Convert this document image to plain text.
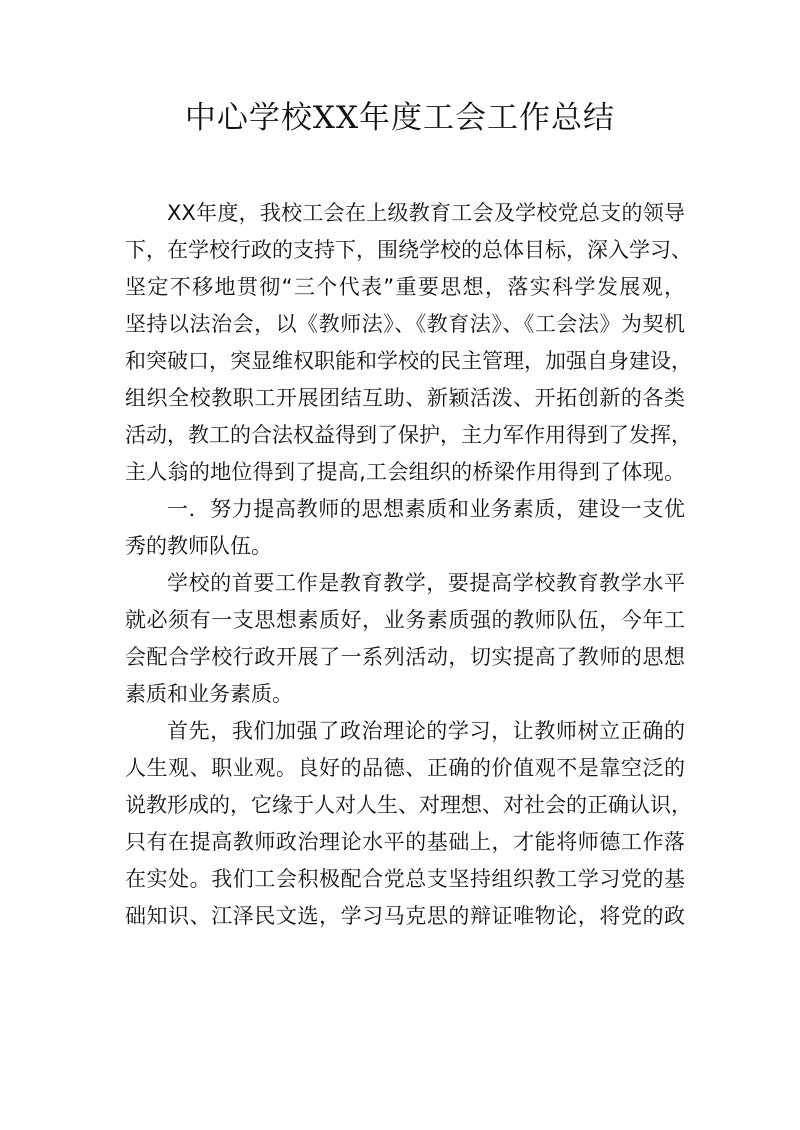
中心学校XX年度工会工作总结
XX年度，我校工会在上级教育工会及学校党总支的领导
下，在学校行政的支持下，围绕学校的总体目标，深入学习、
坚定不移地贯彻“三个代表”重要思想，落实科学发展观，
坚持以法治会，以《教师法》、《教育法》、《工会法》为契机
和突破口，突显维权职能和学校的民主管理，加强自身建设，
组织全校教职工开展团结互助、新颖活泼、开拓创新的各类
活动，教工的合法权益得到了保护，主力军作用得到了发挥，
主人翁的地位得到了提高,工会组织的桥梁作用得到了体现。
一．努力提高教师的思想素质和业务素质，建设一支优
秀的教师队伍。
学校的首要工作是教育教学，要提高学校教育教学水平
就必须有一支思想素质好，业务素质强的教师队伍，今年工
会配合学校行政开展了一系列活动，切实提高了教师的思想
素质和业务素质。
首先，我们加强了政治理论的学习，让教师树立正确的
人生观、职业观。良好的品德、正确的价值观不是靠空泛的
说教形成的，它缘于人对人生、对理想、对社会的正确认识，
只有在提高教师政治理论水平的基础上，才能将师德工作落
在实处。我们工会积极配合党总支坚持组织教工学习党的基
础知识、江泽民文选，学习马克思的辩证唯物论，将党的政
